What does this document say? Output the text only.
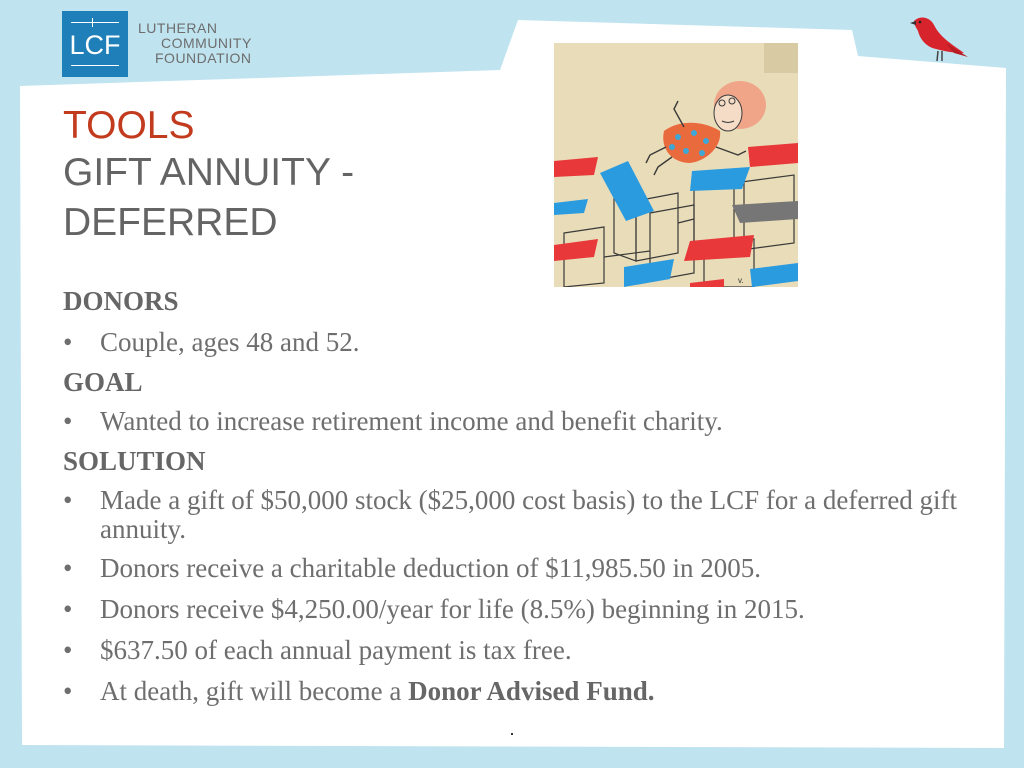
LCF
LUTHERAN
COMMUNITY
FOUNDATION
TOOLS
GIFT ANNUITY -
DEFERRED
v.

DONORS

• Couple, ages 48 and 52.

GOAL

• Wanted to increase retirement income and benefit charity.

SOLUTION

• Made a gift of $50,000 stock ($25,000 cost basis) to the LCF for a deferred gift annuity.

• Donors receive a charitable deduction of $11,985.50 in 2005.

• Donors receive $4,250.00/year for life (8.5%) beginning in 2015.

• $637.50 of each annual payment is tax free.

• At death, gift will become a Donor Advised Fund.
